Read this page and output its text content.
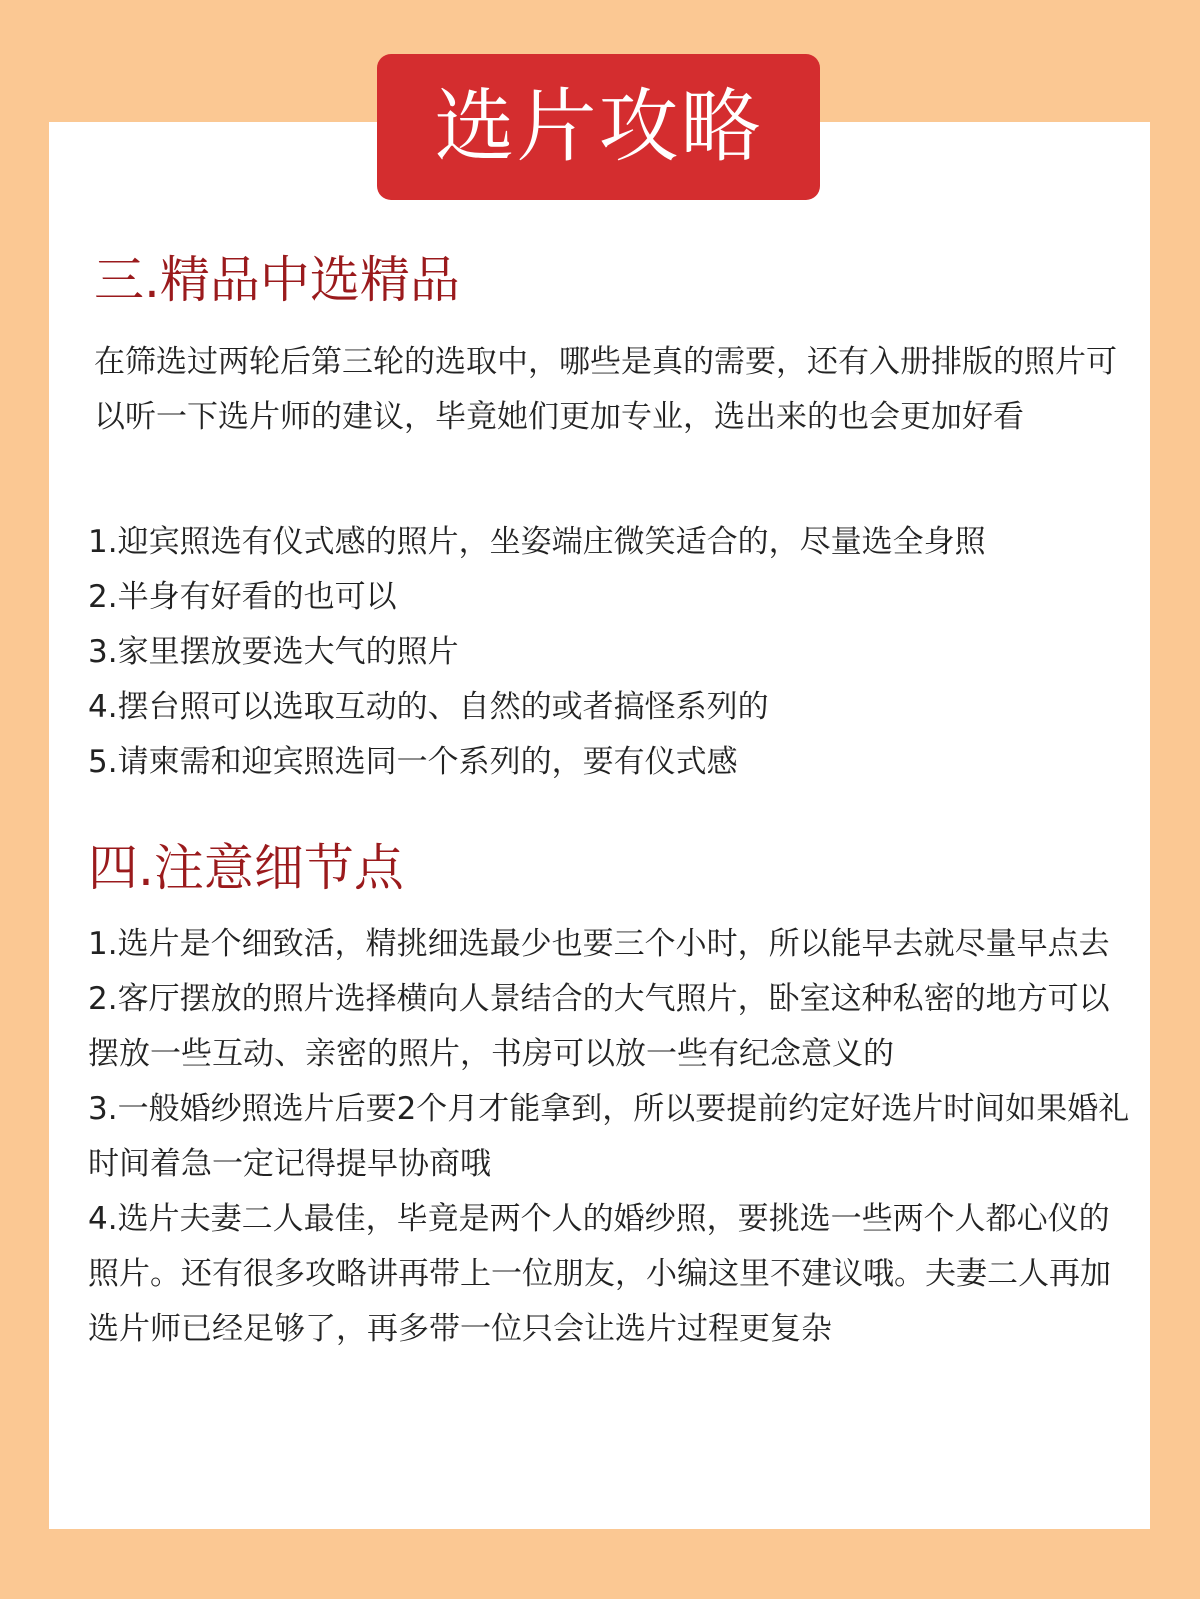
选片攻略
三.精品中选精品

在筛选过两轮后第三轮的选取中，哪些是真的需要，还有入册排版的照片可以听一下选片师的建议，毕竟她们更加专业，选出来的也会更加好看

1.迎宾照选有仪式感的照片，坐姿端庄微笑适合的，尽量选全身照
2.半身有好看的也可以
3.家里摆放要选大气的照片
4.摆台照可以选取互动的、自然的或者搞怪系列的
5.请柬需和迎宾照选同一个系列的，要有仪式感
四.注意细节点
1.选片是个细致活，精挑细选最少也要三个小时，所以能早去就尽量早点去
2.客厅摆放的照片选择横向人景结合的大气照片，卧室这种私密的地方可以摆放一些互动、亲密的照片，书房可以放一些有纪念意义的
3.一般婚纱照选片后要2个月才能拿到，所以要提前约定好选片时间如果婚礼时间着急一定记得提早协商哦
4.选片夫妻二人最佳，毕竟是两个人的婚纱照，要挑选一些两个人都心仪的照片。还有很多攻略讲再带上一位朋友，小编这里不建议哦。夫妻二人再加选片师已经足够了，再多带一位只会让选片过程更复杂
